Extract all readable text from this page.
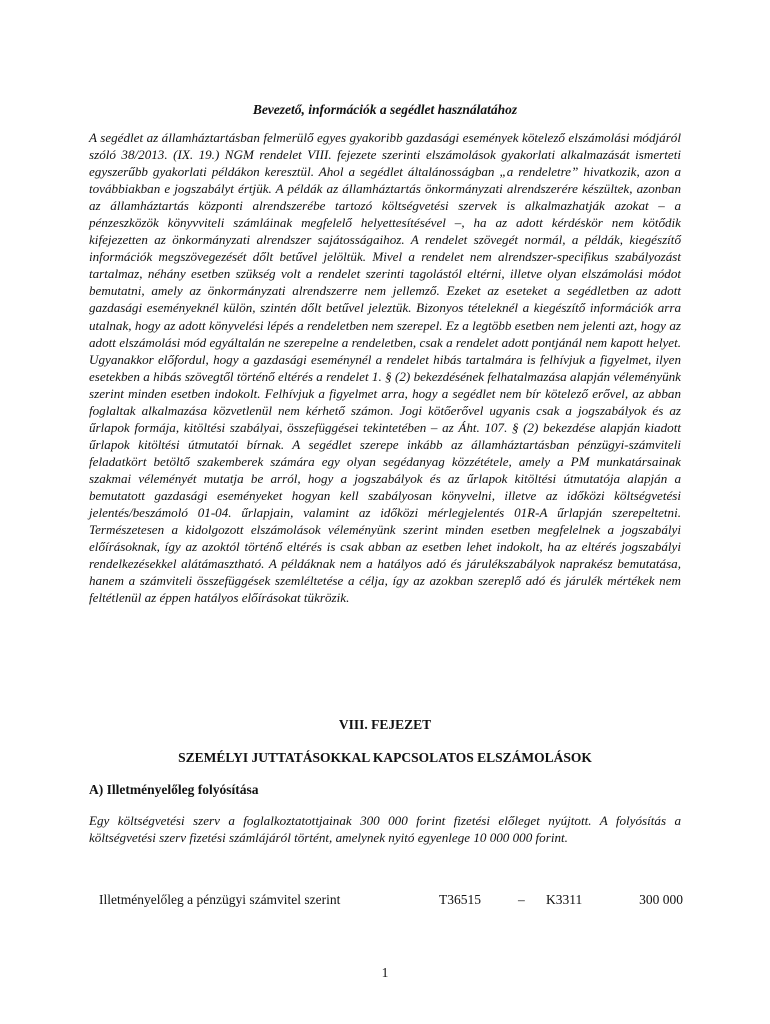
Bevezető, információk a segédlet használatához

A segédlet az államháztartásban felmerülő egyes gyakoribb gazdasági események kötelező elszámolási módjáról szóló 38/2013. (IX. 19.) NGM rendelet VIII. fejezete szerinti elszámolások gyakorlati alkalmazását ismerteti egyszerűbb gyakorlati példákon keresztül. Ahol a segédlet általánosságban „a rendeletre” hivatkozik, azon a továbbiakban e jogszabályt értjük. A példák az államháztartás önkormányzati alrendszerére készültek, azonban az államháztartás központi alrendszerébe tartozó költségvetési szervek is alkalmazhatják azokat – a pénzeszközök könyvviteli számláinak megfelelő helyettesítésével –, ha az adott kérdéskör nem kötődik kifejezetten az önkormányzati alrendszer sajátosságaihoz. A rendelet szövegét normál, a példák, kiegészítő információk megszövegezését dőlt betűvel jelöltük. Mivel a rendelet nem alrendszer-specifikus szabályozást tartalmaz, néhány esetben szükség volt a rendelet szerinti tagolástól eltérni, illetve olyan elszámolási módot bemutatni, amely az önkormányzati alrendszerre nem jellemző. Ezeket az eseteket a segédletben az adott gazdasági eseményeknél külön, szintén dőlt betűvel jeleztük. Bizonyos tételeknél a kiegészítő információk arra utalnak, hogy az adott könyvelési lépés a rendeletben nem szerepel. Ez a legtöbb esetben nem jelenti azt, hogy az adott elszámolási mód egyáltalán ne szerepelne a rendeletben, csak a rendelet adott pontjánál nem kapott helyet. Ugyanakkor előfordul, hogy a gazdasági eseménynél a rendelet hibás tartalmára is felhívjuk a figyelmet, ilyen esetekben a hibás szövegtől történő eltérés a rendelet 1. § (2) bekezdésének felhatalmazása alapján véleményünk szerint minden esetben indokolt. Felhívjuk a figyelmet arra, hogy a segédlet nem bír kötelező erővel, az abban foglaltak alkalmazása közvetlenül nem kérhető számon. Jogi kötőerővel ugyanis csak a jogszabályok és az űrlapok formája, kitöltési szabályai, összefüggései tekintetében – az Áht. 107. § (2) bekezdése alapján kiadott űrlapok kitöltési útmutatói bírnak. A segédlet szerepe inkább az államháztartásban pénzügyi-számviteli feladatkört betöltő szakemberek számára egy olyan segédanyag közzététele, amely a PM munkatársainak szakmai véleményét mutatja be arról, hogy a jogszabályok és az űrlapok kitöltési útmutatója alapján a bemutatott gazdasági eseményeket hogyan kell szabályosan könyvelni, illetve az időközi költségvetési jelentés/beszámoló 01-04. űrlapjain, valamint az időközi mérlegjelentés 01R-A űrlapján szerepeltetni. Természetesen a kidolgozott elszámolások véleményünk szerint minden esetben megfelelnek a jogszabályi előírásoknak, így az azoktól történő eltérés is csak abban az esetben lehet indokolt, ha az eltérés jogszabályi rendelkezésekkel alátámasztható. A példáknak nem a hatályos adó és járulékszabályok naprakész bemutatása, hanem a számviteli összefüggések szemléltetése a célja, így az azokban szereplő adó és járulék mértékek nem feltétlenül az éppen hatályos előírásokat tükrözik.

VIII. FEJEZET
SZEMÉLYI JUTTATÁSOKKAL KAPCSOLATOS ELSZÁMOLÁSOK
A) Illetményelőleg folyósítása

Egy költségvetési szerv a foglalkoztatottjainak 300 000 forint fizetési előleget nyújtott. A folyósítás a költségvetési szerv fizetési számlájáról történt, amelynek nyitó egyenlege 10 000 000 forint.

Illetményelőleg a pénzügyi számvitel szerint	T36515	– K3311	300 000
1
